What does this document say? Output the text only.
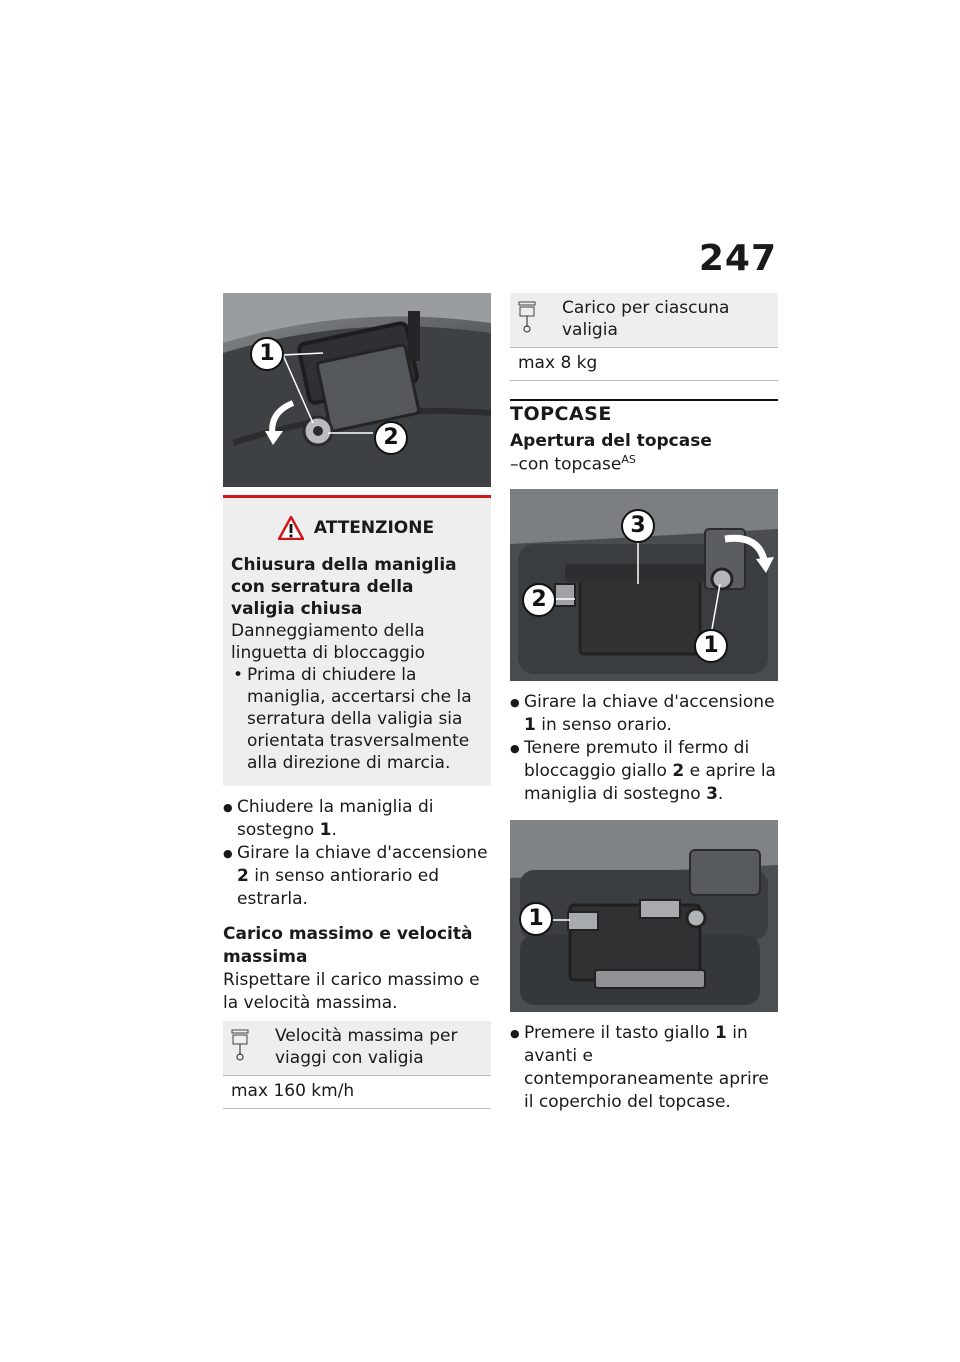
247
1
2
ATTENZIONE
Chiusura della maniglia con serratura della valigia chiusa
Danneggiamento della linguetta di bloccaggio
• Prima di chiudere la maniglia, accertarsi che la serratura della valigia sia orientata trasversalmente alla direzione di marcia.
● Chiudere la maniglia di sostegno 1.
● Girare la chiave d'accensione 2 in senso antiorario ed estrarla.
Carico massimo e velocità massima

Rispettare il carico massimo e la velocità massima.

	Velocità massima per viaggi con valigia
max 160 km/h
	Carico per ciascuna valigia
max 8 kg
TOPCASE
Apertura del topcase
–con topcase$^{AS}$
3
2
1
● Girare la chiave d'accensione 1 in senso orario.
● Tenere premuto il fermo di bloccaggio giallo 2 e aprire la maniglia di sostegno 3.
1
● Premere il tasto giallo 1 in avanti e contemporaneamente aprire il coperchio del topcase.
